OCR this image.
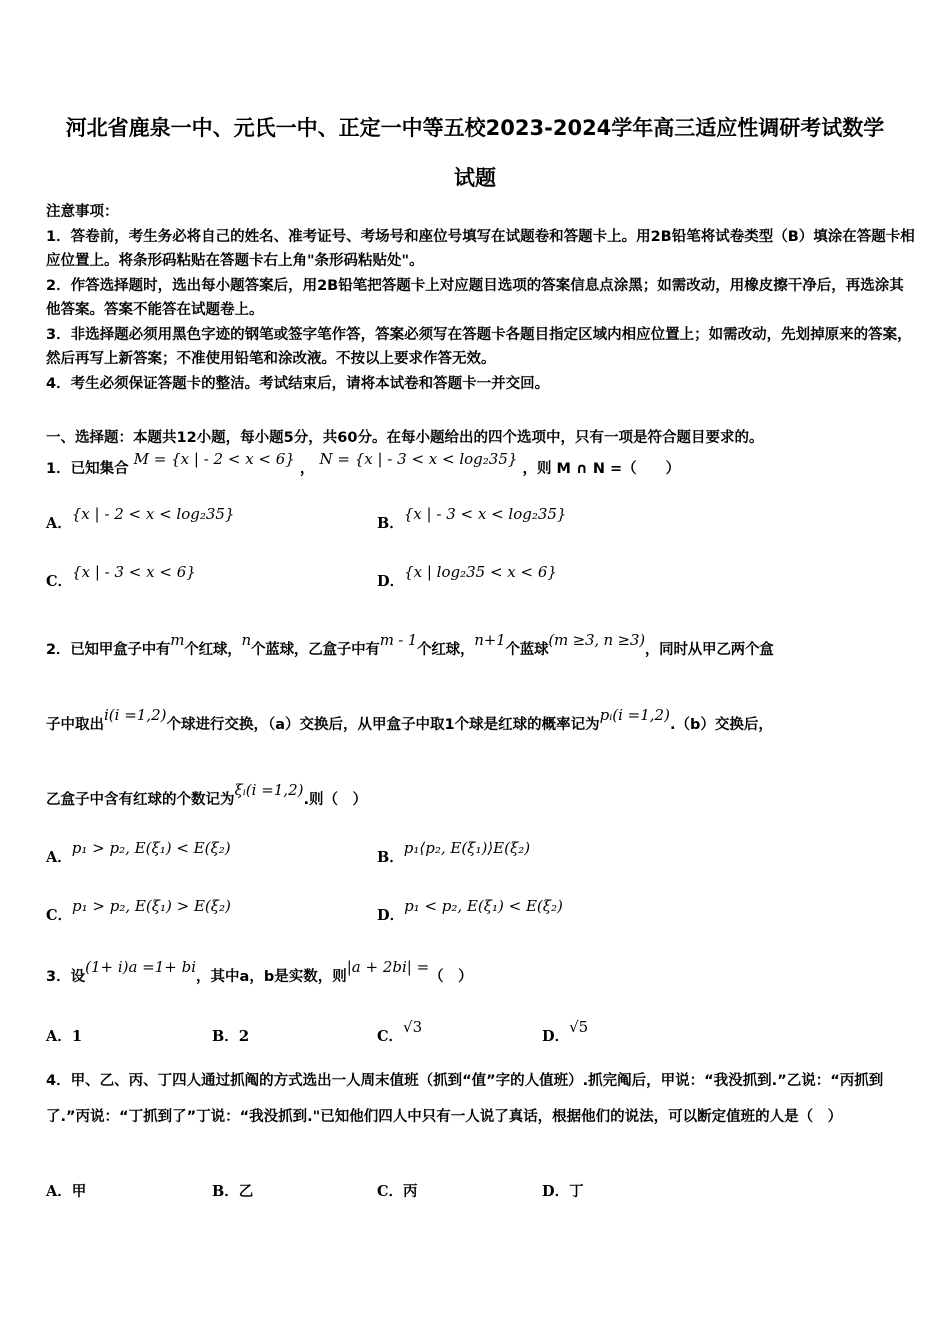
河北省鹿泉一中、元氏一中、正定一中等五校2023-2024学年高三适应性调研考试数学
试题

注意事项：

1．答卷前，考生务必将自己的姓名、准考证号、考场号和座位号填写在试题卷和答题卡上。用2B铅笔将试卷类型（B）填涂在答题卡相应位置上。将条形码粘贴在答题卡右上角"条形码粘贴处"。

2．作答选择题时，选出每小题答案后，用2B铅笔把答题卡上对应题目选项的答案信息点涂黑；如需改动，用橡皮擦干净后，再选涂其他答案。答案不能答在试题卷上。

3．非选择题必须用黑色字迹的钢笔或签字笔作答，答案必须写在答题卡各题目指定区域内相应位置上；如需改动，先划掉原来的答案，然后再写上新答案；不准使用铅笔和涂改液。不按以上要求作答无效。

4．考生必须保证答题卡的整洁。考试结束后，请将本试卷和答题卡一并交回。

一、选择题：本题共12小题，每小题5分，共60分。在每小题给出的四个选项中，只有一项是符合题目要求的。
1．已知集合 M = {x | - 2 < x < 6} ， N = {x | - 3 < x < log₂35} ，则 M ∩ N =（　　）
A．{x | - 2 < x < log₂35}
B．{x | - 3 < x < log₂35}
C．{x | - 3 < x < 6}
D．{x | log₂35 < x < 6}
2．已知甲盒子中有m个红球，n个蓝球，乙盒子中有m - 1个红球，n+1个蓝球(m ≥3, n ≥3)，同时从甲乙两个盒
子中取出i(i =1,2)个球进行交换，（a）交换后，从甲盒子中取1个球是红球的概率记为pᵢ(i =1,2).（b）交换后，
乙盒子中含有红球的个数记为ξᵢ(i =1,2).则（　）
A．p₁ > p₂, E(ξ₁) < E(ξ₂)
B．p₁⟨p₂, E(ξ₁)⟩E(ξ₂)
C．p₁ > p₂, E(ξ₁) > E(ξ₂)
D．p₁ < p₂, E(ξ₁) < E(ξ₂)
3．设(1+ i)a =1+ bi，其中a，b是实数，则|a + 2bi| =（　）
A．1	B．2	C．√3
D．√5
4．甲、乙、丙、丁四人通过抓阄的方式选出一人周末值班（抓到“值”字的人值班）.抓完阄后，甲说：“我没抓到.”乙说：“丙抓到了.”丙说：“丁抓到了”丁说：“我没抓到."已知他们四人中只有一人说了真话，根据他们的说法，可以断定值班的人是（　）
A．甲	B．乙	C．丙	D．丁
